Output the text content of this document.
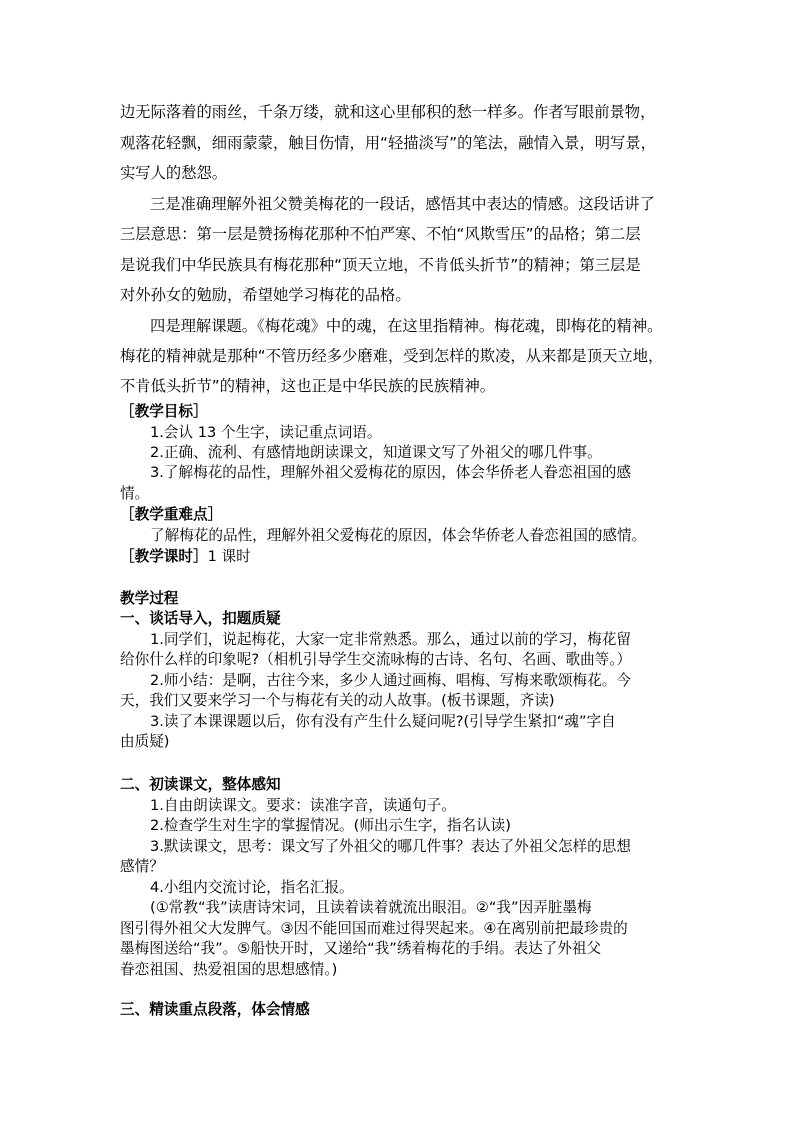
边无际落着的雨丝，千条万缕，就和这心里郁积的愁一样多。作者写眼前景物，

观落花轻飘，细雨蒙蒙，触目伤情，用“轻描淡写”的笔法，融情入景，明写景，

实写人的愁怨。

三是准确理解外祖父赞美梅花的一段话，感悟其中表达的情感。这段话讲了

三层意思：第一层是赞扬梅花那种不怕严寒、不怕“风欺雪压”的品格；第二层

是说我们中华民族具有梅花那种“顶天立地，不肯低头折节”的精神；第三层是

对外孙女的勉励，希望她学习梅花的品格。

四是理解课题。《梅花魂》中的魂，在这里指精神。梅花魂，即梅花的精神。

梅花的精神就是那种“不管历经多少磨难，受到怎样的欺凌，从来都是顶天立地，

不肯低头折节”的精神，这也正是中华民族的民族精神。

［教学目标］

1.会认 13 个生字，读记重点词语。

2.正确、流利、有感情地朗读课文，知道课文写了外祖父的哪几件事。

3.了解梅花的品性，理解外祖父爱梅花的原因，体会华侨老人眷恋祖国的感

情。

［教学重难点］

了解梅花的品性，理解外祖父爱梅花的原因，体会华侨老人眷恋祖国的感情。

［教学课时］1 课时

教学过程

一、谈话导入，扣题质疑

1.同学们，说起梅花，大家一定非常熟悉。那么，通过以前的学习，梅花留

给你什么样的印象呢?（相机引导学生交流咏梅的古诗、名句、名画、歌曲等。）

2.师小结：是啊，古往今来，多少人通过画梅、唱梅、写梅来歌颂梅花。今

天，我们又要来学习一个与梅花有关的动人故事。(板书课题，齐读)

3.读了本课课题以后，你有没有产生什么疑问呢?(引导学生紧扣“魂”字自

由质疑)

二、初读课文，整体感知

1.自由朗读课文。要求：读准字音，读通句子。

2.检查学生对生字的掌握情况。(师出示生字，指名认读)

3.默读课文，思考：课文写了外祖父的哪几件事？表达了外祖父怎样的思想

感情？

4.小组内交流讨论，指名汇报。

(①常教“我”读唐诗宋词，且读着读着就流出眼泪。②“我”因弄脏墨梅

图引得外祖父大发脾气。③因不能回国而难过得哭起来。④在离别前把最珍贵的

墨梅图送给“我”。⑤船快开时，又递给“我”绣着梅花的手绢。表达了外祖父

眷恋祖国、热爱祖国的思想感情。)

三、精读重点段落，体会情感
